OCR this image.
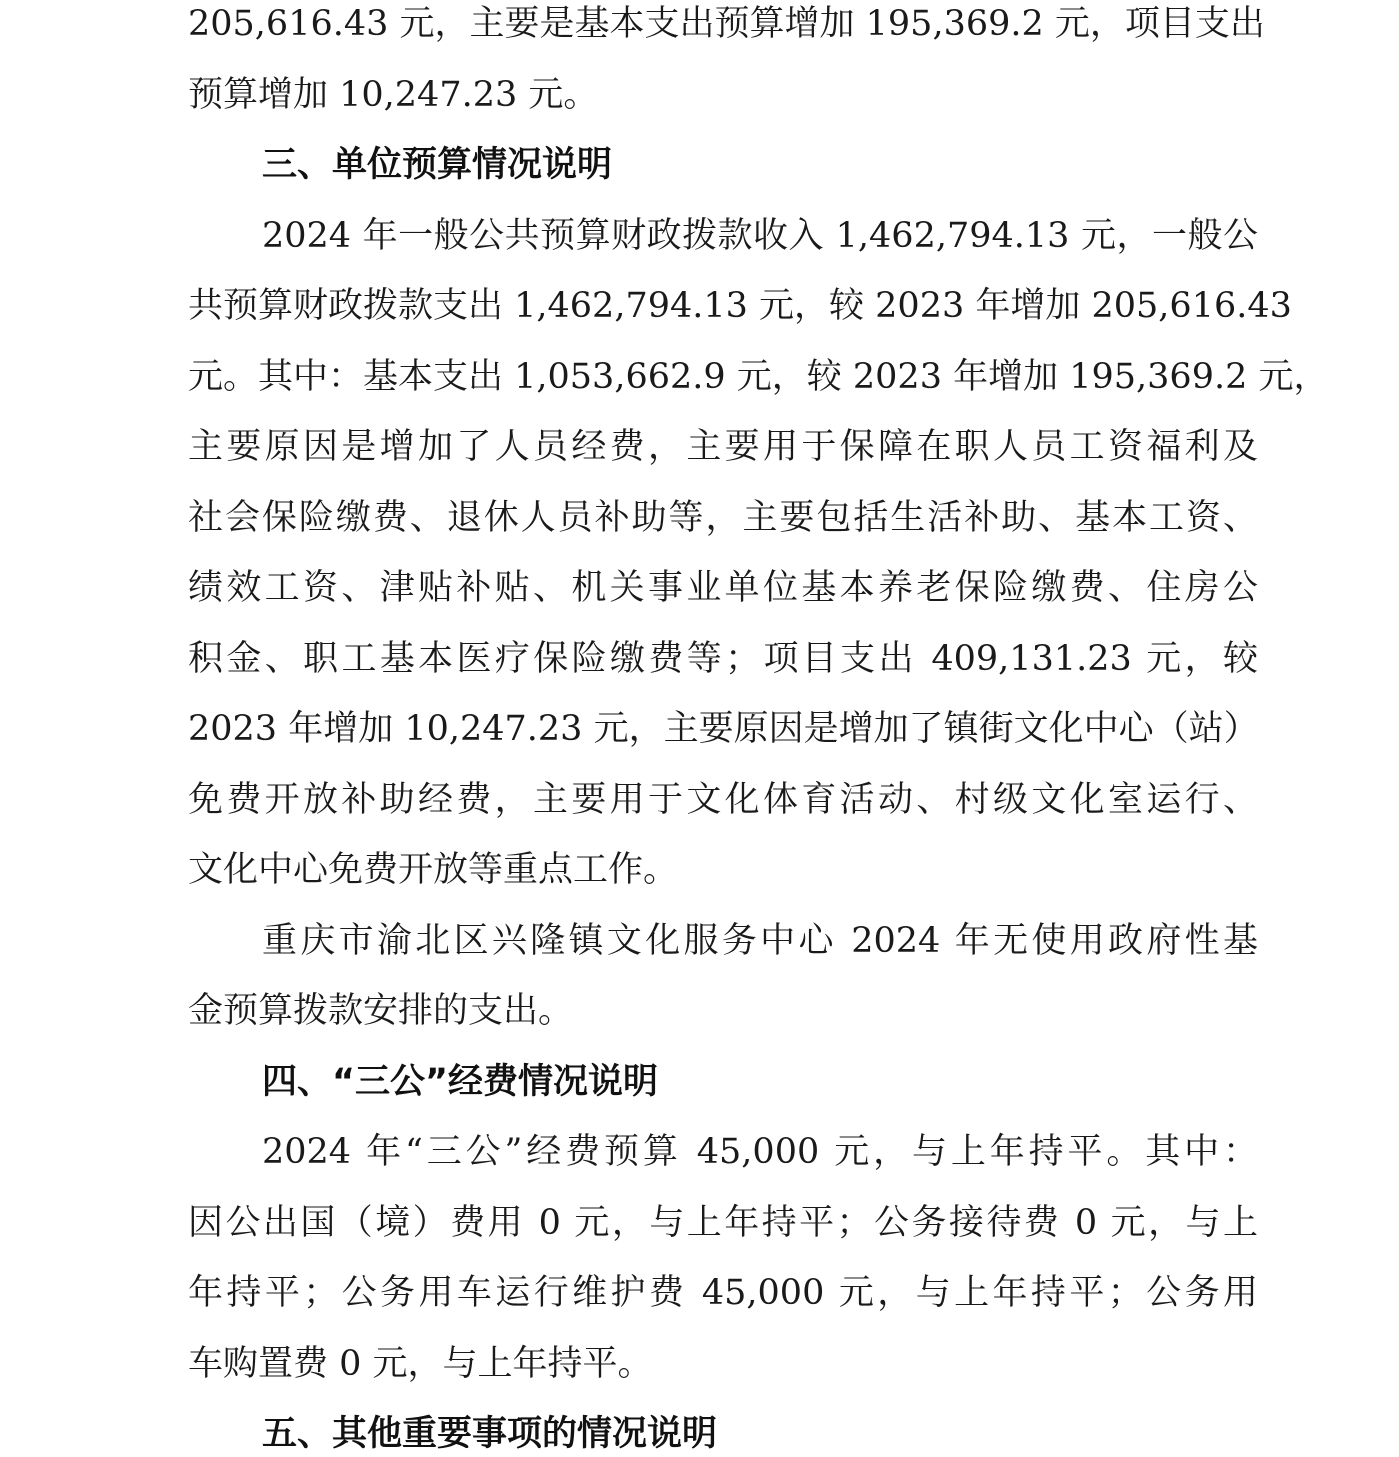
205,616.43 元，主要是基本支出预算增加 195,369.2 元，项目支出
预算增加 10,247.23 元。
三、单位预算情况说明
2024 年一般公共预算财政拨款收入 1,462,794.13 元，一般公
共预算财政拨款支出 1,462,794.13 元，较 2023 年增加 205,616.43
元。其中：基本支出 1,053,662.9 元，较 2023 年增加 195,369.2 元，
主要原因是增加了人员经费，主要用于保障在职人员工资福利及
社会保险缴费、退休人员补助等，主要包括生活补助、基本工资、
绩效工资、津贴补贴、机关事业单位基本养老保险缴费、住房公
积金、职工基本医疗保险缴费等；项目支出 409,131.23 元，较
2023 年增加 10,247.23 元，主要原因是增加了镇街文化中心（站）
免费开放补助经费，主要用于文化体育活动、村级文化室运行、
文化中心免费开放等重点工作。
重庆市渝北区兴隆镇文化服务中心 2024 年无使用政府性基
金预算拨款安排的支出。
四、“三公”经费情况说明
2024 年“三公”经费预算 45,000 元，与上年持平。其中：
因公出国（境）费用 0 元，与上年持平；公务接待费 0 元，与上
年持平；公务用车运行维护费 45,000 元，与上年持平；公务用
车购置费 0 元，与上年持平。
五、其他重要事项的情况说明
